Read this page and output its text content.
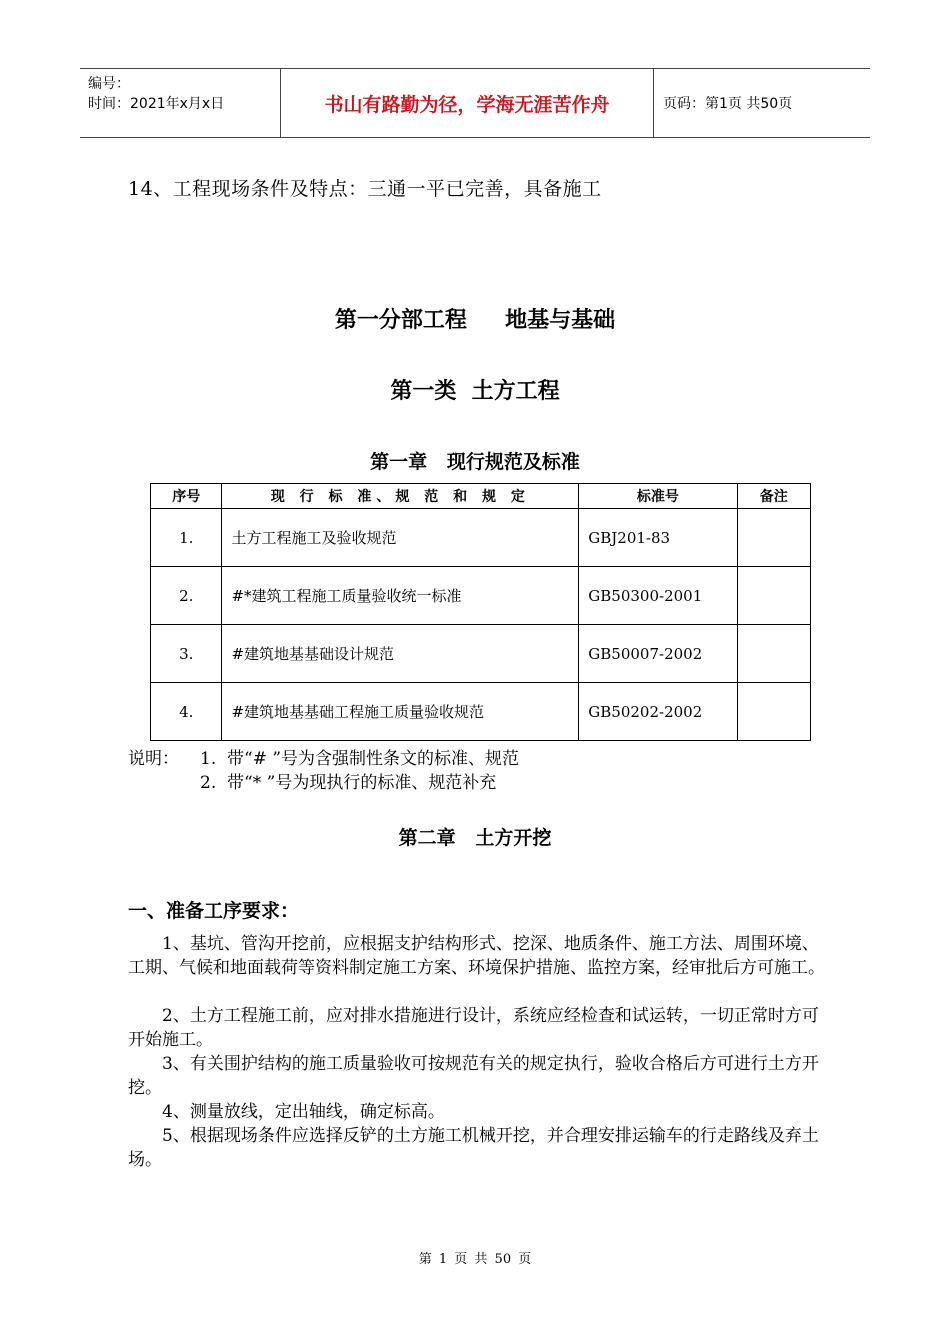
编号：
时间：2021年x月x日	书山有路勤为径，学海无涯苦作舟	页码：第1页 共50页
14、工程现场条件及特点：三通一平已完善，具备施工
第一分部工程     地基与基础
第一类  土方工程
第一章   现行规范及标准
序号	现 行 标 准、规 范 和 规 定	标准号	备注
1.	土方工程施工及验收规范	GBJ201-83	
2.	#*建筑工程施工质量验收统一标准	GB50300-2001	
3.	#建筑地基基础设计规范	GB50007-2002	
4.	#建筑地基基础工程施工质量验收规范	GB50202-2002	
说明： 1.  带“# ”号为含强制性条文的标准、规范
2.  带“* ”号为现执行的标准、规范补充
第二章   土方开挖
一、准备工序要求：

1、基坑、管沟开挖前，应根据支护结构形式、挖深、地质条件、施工方法、周围环境、工期、气候和地面载荷等资料制定施工方案、环境保护措施、监控方案，经审批后方可施工。

2、土方工程施工前，应对排水措施进行设计，系统应经检查和试运转，一切正常时方可开始施工。

3、有关围护结构的施工质量验收可按规范有关的规定执行，验收合格后方可进行土方开挖。

4、测量放线，定出轴线，确定标高。

5、根据现场条件应选择反铲的土方施工机械开挖，并合理安排运输车的行走路线及弃土场。

第 1 页 共 50 页
